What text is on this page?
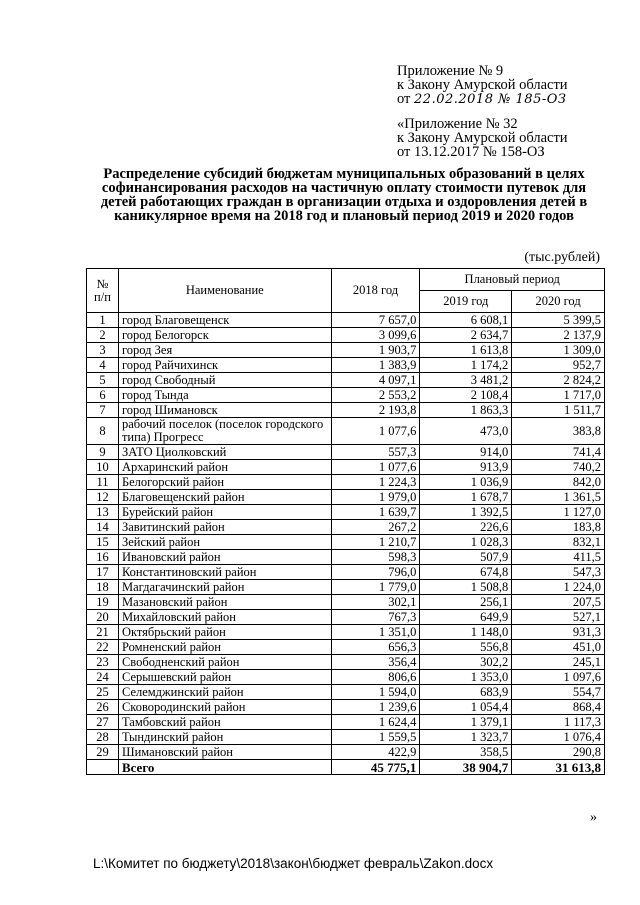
Приложение № 9
к Закону Амурской области
от 22.02.2018 № 185-ОЗ
«Приложение № 32
к Закону Амурской области
от 13.12.2017 № 158-ОЗ
Распределение субсидий бюджетам муниципальных образований в целях софинансирования расходов на частичную оплату стоимости путевок для детей работающих граждан в организации отдыха и оздоровления детей в каникулярное время на 2018 год и плановый период 2019 и 2020 годов
(тыс.рублей)
№ п/п	Наименование	2018 год	Плановый период	
			2019 год	2020 год
1	город Благовещенск	7 657,0	6 608,1	5 399,5
2	город Белогорск	3 099,6	2 634,7	2 137,9
3	город Зея	1 903,7	1 613,8	1 309,0
4	город Райчихинск	1 383,9	1 174,2	952,7
5	город Свободный	4 097,1	3 481,2	2 824,2
6	город Тында	2 553,2	2 108,4	1 717,0
7	город Шимановск	2 193,8	1 863,3	1 511,7
8	рабочий поселок (поселок городского типа) Прогресс	1 077,6	473,0	383,8
9	ЗАТО Циолковский	557,3	914,0	741,4
10	Архаринский район	1 077,6	913,9	740,2
11	Белогорский район	1 224,3	1 036,9	842,0
12	Благовещенский район	1 979,0	1 678,7	1 361,5
13	Бурейский район	1 639,7	1 392,5	1 127,0
14	Завитинский район	267,2	226,6	183,8
15	Зейский район	1 210,7	1 028,3	832,1
16	Ивановский район	598,3	507,9	411,5
17	Константиновский район	796,0	674,8	547,3
18	Магдагачинский район	1 779,0	1 508,8	1 224,0
19	Мазановский район	302,1	256,1	207,5
20	Михайловский район	767,3	649,9	527,1
21	Октябрьский район	1 351,0	1 148,0	931,3
22	Ромненский район	656,3	556,8	451,0
23	Свободненский район	356,4	302,2	245,1
24	Серышевский район	806,6	1 353,0	1 097,6
25	Селемджинский район	1 594,0	683,9	554,7
26	Сковородинский район	1 239,6	1 054,4	868,4
27	Тамбовский район	1 624,4	1 379,1	1 117,3
28	Тындинский район	1 559,5	1 323,7	1 076,4
29	Шимановский район	422,9	358,5	290,8
	Всего	45 775,1	38 904,7	31 613,8
»
L:\Комитет по бюджету\2018\закон\бюджет февраль\Zakon.docx
